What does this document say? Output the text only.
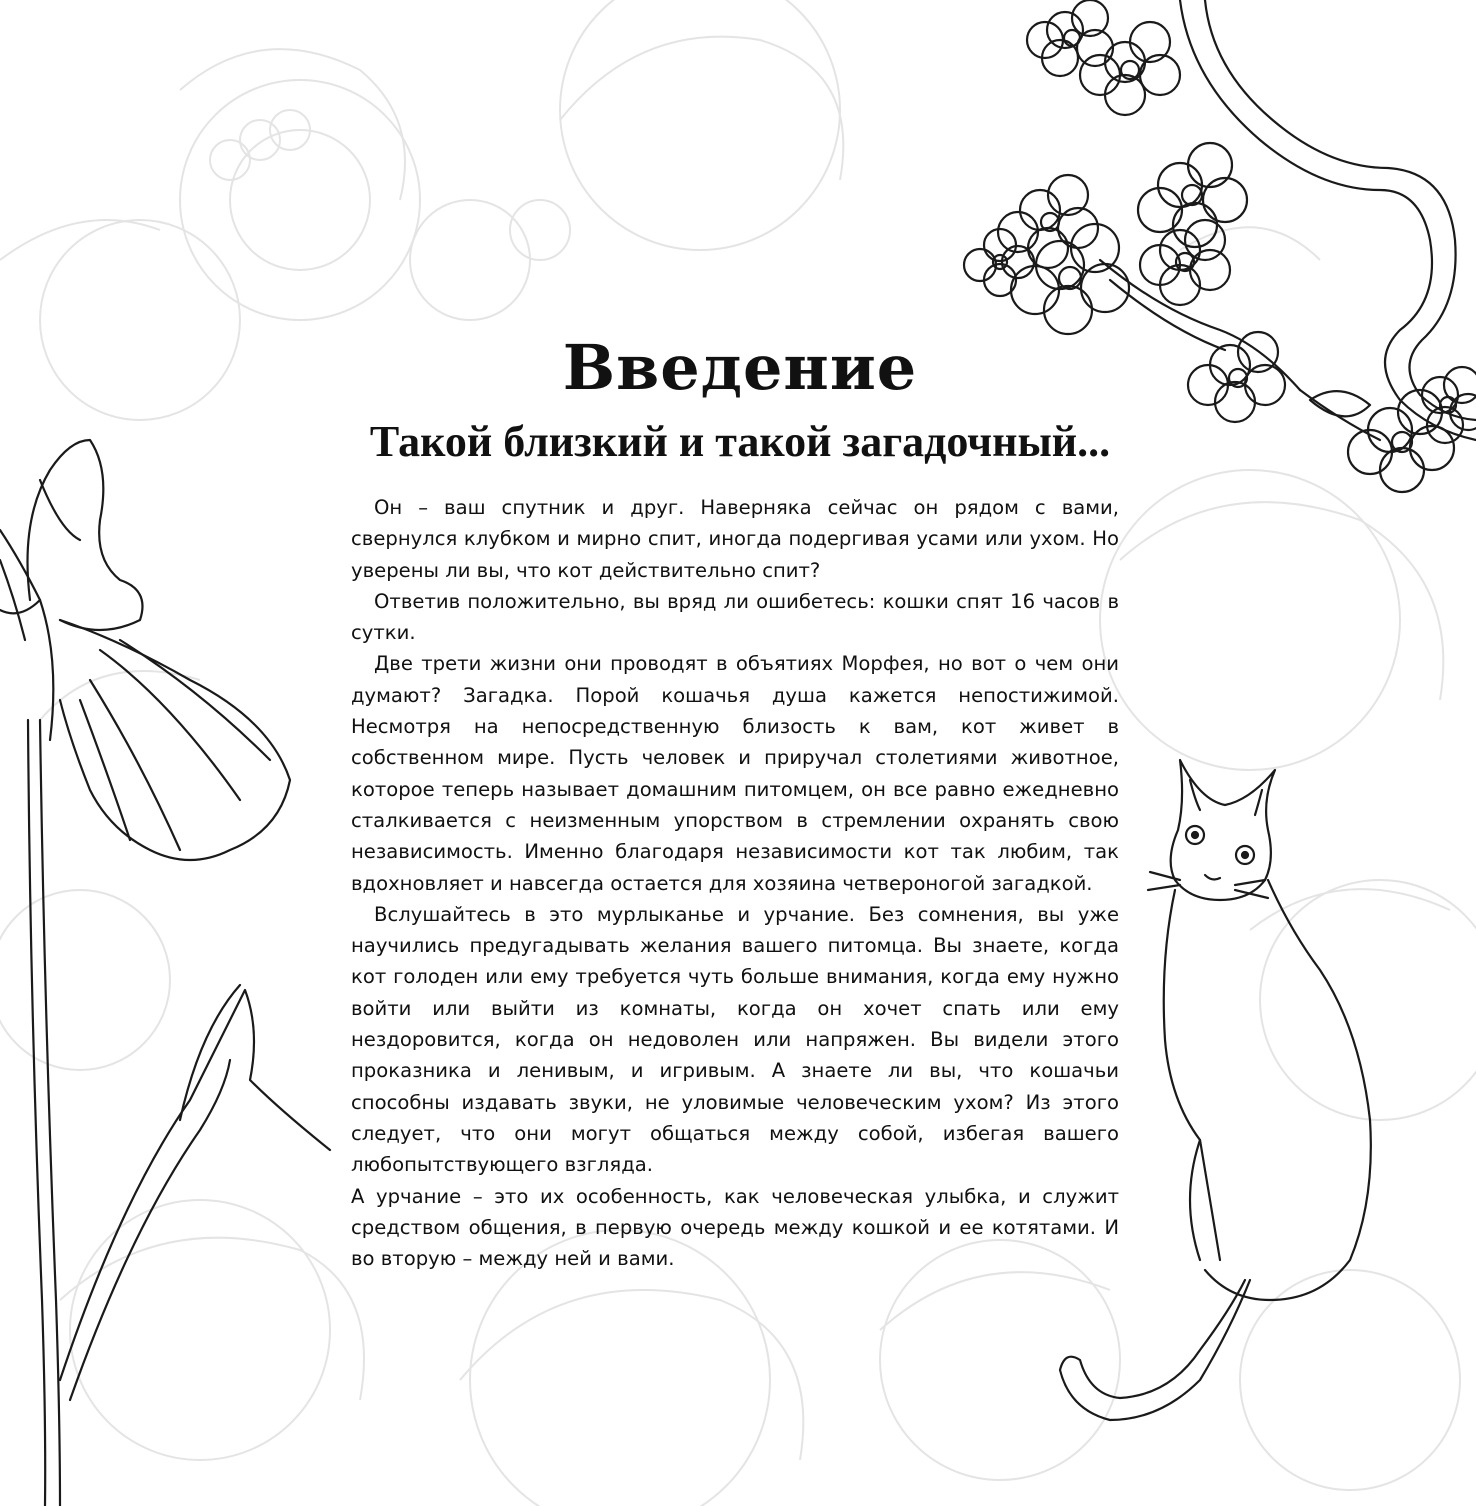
Введение
Такой близкий и такой загадочный...

Он – ваш спутник и друг. Наверняка сейчас он рядом с вами, свернулся клубком и мирно спит, иногда подергивая усами или ухом. Но уверены ли вы, что кот действительно спит?

Ответив положительно, вы вряд ли ошибетесь: кошки спят 16 часов в сутки.

Две трети жизни они проводят в объятиях Морфея, но вот о чем они думают? Загадка. Порой кошачья душа кажется непостижимой. Несмотря на непосредственную близость к вам, кот живет в собственном мире. Пусть человек и приручал столетиями животное, которое теперь называет домашним питомцем, он все равно ежедневно сталкивается с неизменным упорством в стремлении охранять свою независимость. Именно благодаря независимости кот так любим, так вдохновляет и навсегда остается для хозяина четвероногой загадкой.

Вслушайтесь в это мурлыканье и урчание. Без сомнения, вы уже научились предугадывать желания вашего питомца. Вы знаете, когда кот голоден или ему требуется чуть больше внимания, когда ему нужно войти или выйти из комнаты, когда он хочет спать или ему нездоровится, когда он недоволен или напряжен. Вы видели этого проказника и ленивым, и игривым. А знаете ли вы, что кошачьи способны издавать звуки, не уловимые человеческим ухом? Из этого следует, что они могут общаться между собой, избегая вашего любопытствующего взгляда.

А урчание – это их особенность, как человеческая улыбка, и служит средством общения, в первую очередь между кошкой и ее котятами. И во вторую – между ней и вами.
